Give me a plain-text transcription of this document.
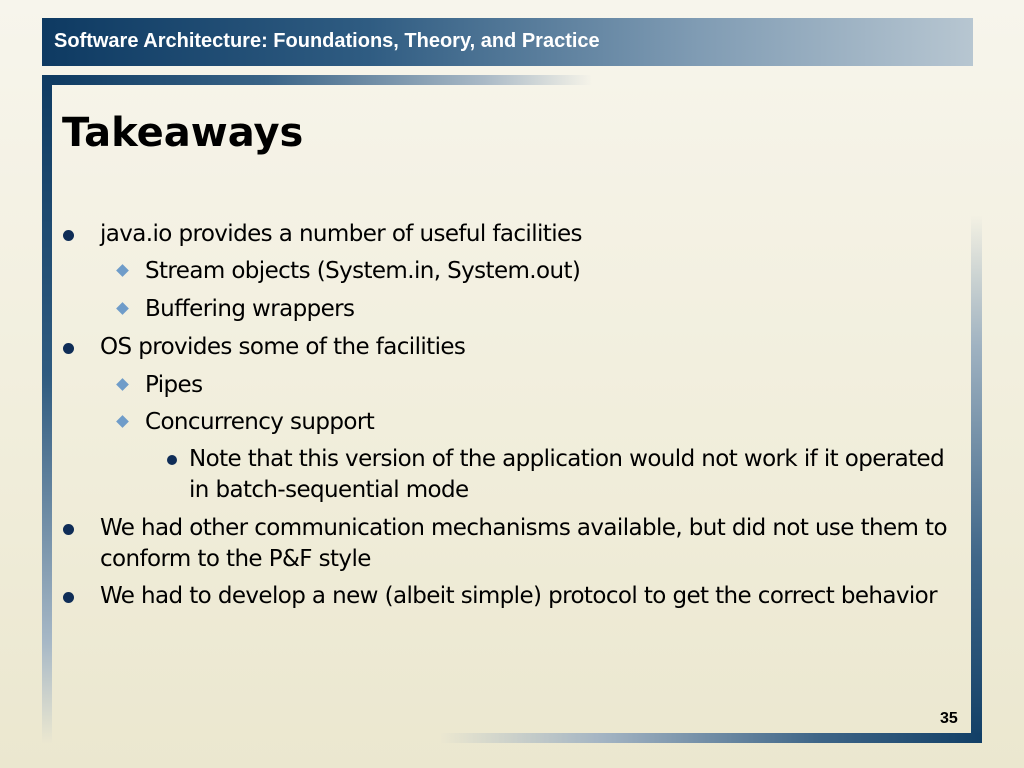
Software Architecture: Foundations, Theory, and Practice
Takeaways
java.io provides a number of useful facilities
Stream objects (System.in, System.out)
Buffering wrappers
OS provides some of the facilities
Pipes
Concurrency support
Note that this version of the application would not work if it operated in batch-sequential mode
We had other communication mechanisms available, but did not use them to conform to the P&F style
We had to develop a new (albeit simple) protocol to get the correct behavior
35
